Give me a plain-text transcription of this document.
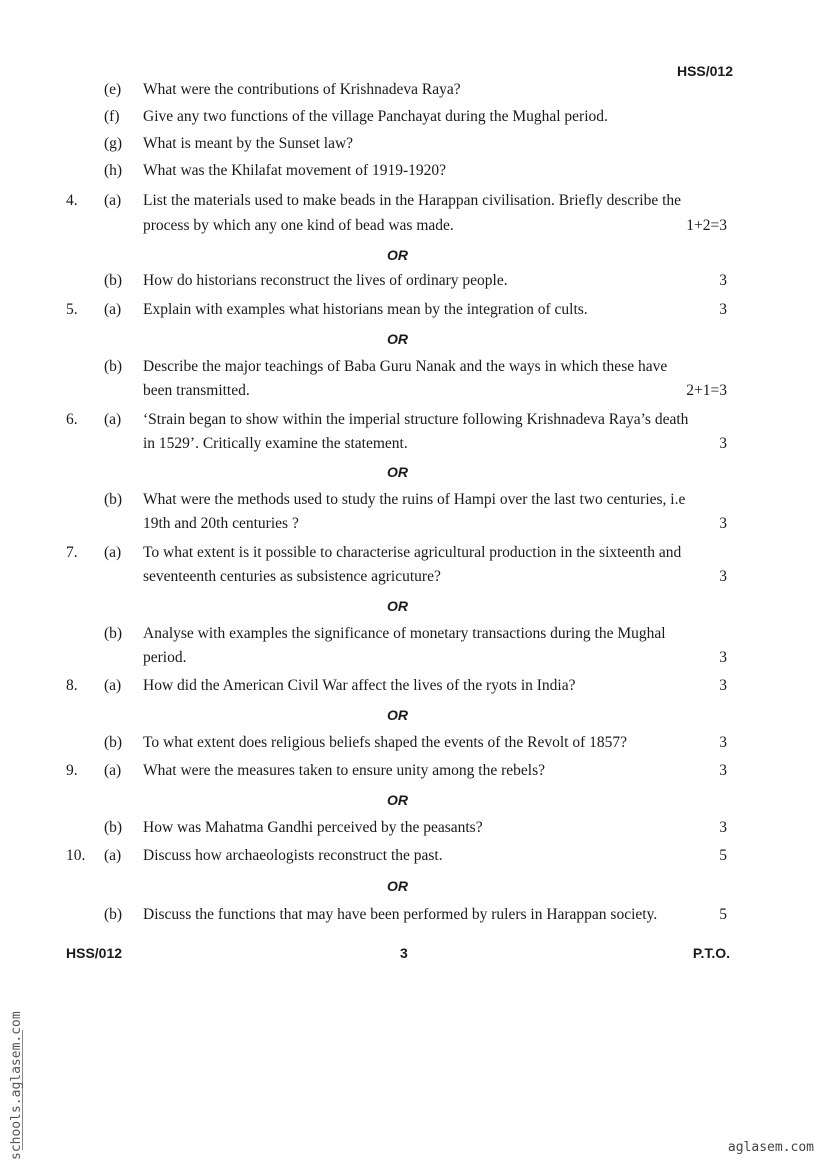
HSS/012
(e) What were the contributions of Krishnadeva Raya?
(f) Give any two functions of the village Panchayat during the Mughal period.
(g) What is meant by the Sunset law?
(h) What was the Khilafat movement of 1919-1920?
4. (a) List the materials used to make beads in the Harappan civilisation. Briefly describe the
process by which any one kind of bead was made.	1+2=3
(b) How do historians reconstruct the lives of ordinary people.	3
5. (a) Explain with examples what historians mean by the integration of cults.	3
(b) Describe the major teachings of Baba Guru Nanak and the ways in which these have
been transmitted.	2+1=3
6. (a) ‘Strain began to show within the imperial structure following Krishnadeva Raya’s death
in 1529’. Critically examine the statement.	3
(b) What were the methods used to study the ruins of Hampi over the last two centuries, i.e
19th and 20th centuries ?	3
7. (a) To what extent is it possible to characterise agricultural production in the sixteenth and
seventeenth centuries as subsistence agricuture?	3
(b) Analyse with examples the significance of monetary transactions during the Mughal
period.	3
8. (a) How did the American Civil War affect the lives of the ryots in India?	3
(b) To what extent does religious beliefs shaped the events of the Revolt of 1857?	3
9. (a) What were the measures taken to ensure unity among the rebels?	3
(b) How was Mahatma Gandhi perceived by the peasants?	3
10. (a) Discuss how archaeologists reconstruct the past.	5
(b) Discuss the functions that may have been performed by rulers in Harappan society.	5
OR
OR
OR
OR
OR
OR
OR
HSS/012	3	P.T.O.
schools.aglasem.com	aglasem.com
